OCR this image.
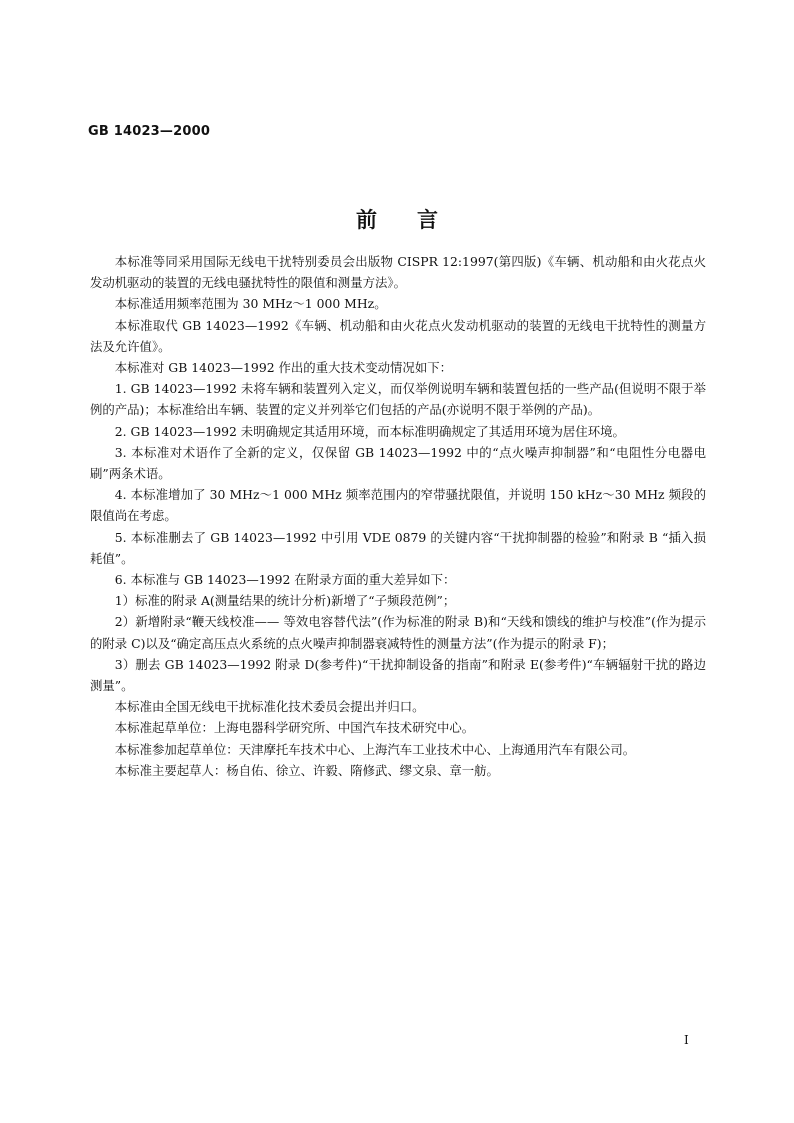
GB 14023—2000
前言

本标准等同采用国际无线电干扰特别委员会出版物 CISPR 12:1997(第四版)《车辆、机动船和由火花点火发动机驱动的装置的无线电骚扰特性的限值和测量方法》。

本标准适用频率范围为 30 MHz～1 000 MHz。

本标准取代 GB 14023—1992《车辆、机动船和由火花点火发动机驱动的装置的无线电干扰特性的测量方法及允许值》。

本标准对 GB 14023—1992 作出的重大技术变动情况如下：

1. GB 14023—1992 未将车辆和装置列入定义，而仅举例说明车辆和装置包括的一些产品(但说明不限于举例的产品)；本标准给出车辆、装置的定义并列举它们包括的产品(亦说明不限于举例的产品)。

2. GB 14023—1992 未明确规定其适用环境，而本标准明确规定了其适用环境为居住环境。

3. 本标准对术语作了全新的定义，仅保留 GB 14023—1992 中的“点火噪声抑制器”和“电阻性分电器电刷”两条术语。

4. 本标准增加了 30 MHz～1 000 MHz 频率范围内的窄带骚扰限值，并说明 150 kHz～30 MHz 频段的限值尚在考虑。

5. 本标准删去了 GB 14023—1992 中引用 VDE 0879 的关键内容“干扰抑制器的检验”和附录 B “插入损耗值”。

6. 本标准与 GB 14023—1992 在附录方面的重大差异如下：

1）标准的附录 A(测量结果的统计分析)新增了“子频段范例”；

2）新增附录“鞭天线校准—— 等效电容替代法”(作为标准的附录 B)和“天线和馈线的维护与校准”(作为提示的附录 C)以及“确定高压点火系统的点火噪声抑制器衰减特性的测量方法”(作为提示的附录 F)；

3）删去 GB 14023—1992 附录 D(参考件)“干扰抑制设备的指南”和附录 E(参考件)“车辆辐射干扰的路边测量”。

本标准由全国无线电干扰标准化技术委员会提出并归口。

本标准起草单位：上海电器科学研究所、中国汽车技术研究中心。

本标准参加起草单位：天津摩托车技术中心、上海汽车工业技术中心、上海通用汽车有限公司。

本标准主要起草人：杨自佑、徐立、许毅、隋修武、缪文泉、章一舫。

I
